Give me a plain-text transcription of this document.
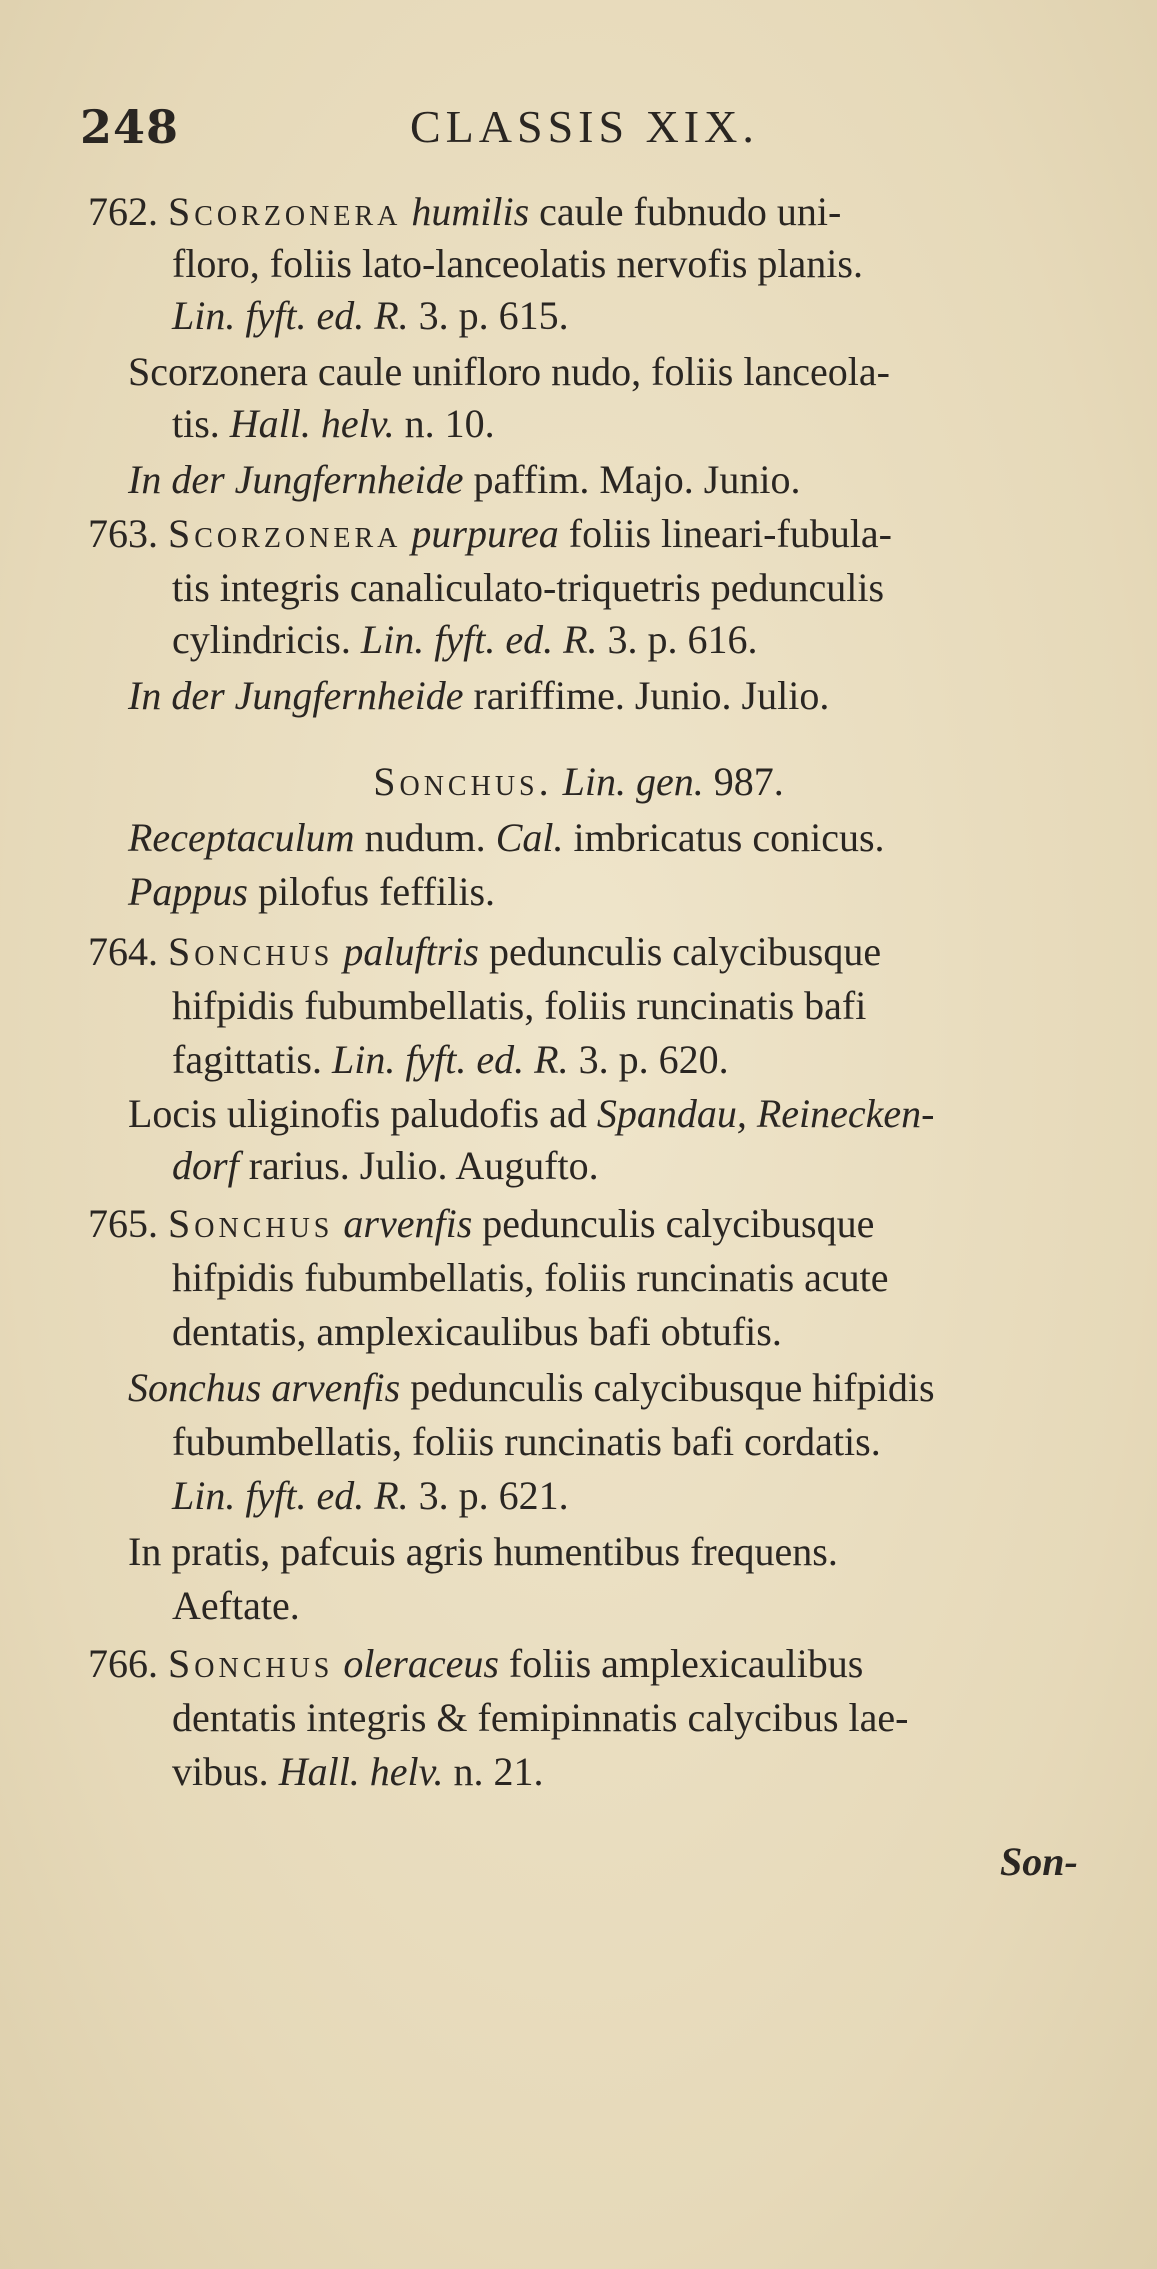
248	CLASSIS XIX.
762. Scorzonera humilis caule fubnudo uni-
floro, foliis lato-lanceolatis nervofis planis.
Lin. fyft. ed. R. 3. p. 615.
Scorzonera caule unifloro nudo, foliis lanceola-
tis. Hall. helv. n. 10.
In der Jungfernheide paffim. Majo. Junio.
763. Scorzonera purpurea foliis lineari-fubula-
tis integris canaliculato-triquetris pedunculis
cylindricis. Lin. fyft. ed. R. 3. p. 616.
In der Jungfernheide rariffime. Junio. Julio.
Sonchus. Lin. gen. 987.
Receptaculum nudum. Cal. imbricatus conicus.
Pappus pilofus feffilis.
764. Sonchus paluftris pedunculis calycibusque
hifpidis fubumbellatis, foliis runcinatis bafi
fagittatis. Lin. fyft. ed. R. 3. p. 620.
Locis uliginofis paludofis ad Spandau, Reinecken-
dorf rarius. Julio. Augufto.
765. Sonchus arvenfis pedunculis calycibusque
hifpidis fubumbellatis, foliis runcinatis acute
dentatis, amplexicaulibus bafi obtufis.
Sonchus arvenfis pedunculis calycibusque hifpidis
fubumbellatis, foliis runcinatis bafi cordatis.
Lin. fyft. ed. R. 3. p. 621.
In pratis, pafcuis agris humentibus frequens.
Aeftate.
766. Sonchus oleraceus foliis amplexicaulibus
dentatis integris & femipinnatis calycibus lae-
vibus. Hall. helv. n. 21.
Son-
